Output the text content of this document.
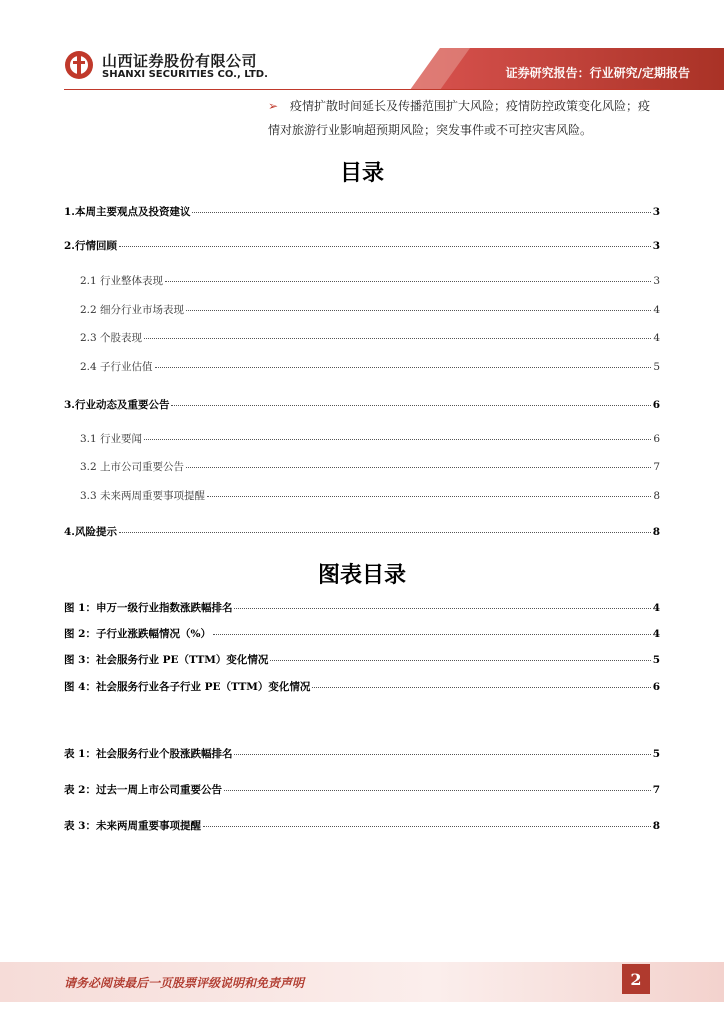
山西证券股份有限公司
SHANXI SECURITIES CO., LTD.	证券研究报告：行业研究/定期报告
➢ 疫情扩散时间延长及传播范围扩大风险；疫情防控政策变化风险；疫
情对旅游行业影响超预期风险；突发事件或不可控灾害风险。
目录
1.本周主要观点及投资建议	3
2.行情回顾	3
2.1 行业整体表现	3
2.2 细分行业市场表现	4
2.3 个股表现	4
2.4 子行业估值	5
3.行业动态及重要公告	6
3.1 行业要闻	6
3.2 上市公司重要公告	7
3.3 未来两周重要事项提醒	8
4.风险提示	8
图表目录
图 1：申万一级行业指数涨跌幅排名	4
图 2：子行业涨跌幅情况（%）	4
图 3：社会服务行业 PE（TTM）变化情况	5
图 4：社会服务行业各子行业 PE（TTM）变化情况	6
表 1：社会服务行业个股涨跌幅排名	5
表 2：过去一周上市公司重要公告	7
表 3：未来两周重要事项提醒	8
请务必阅读最后一页股票评级说明和免责声明	2
